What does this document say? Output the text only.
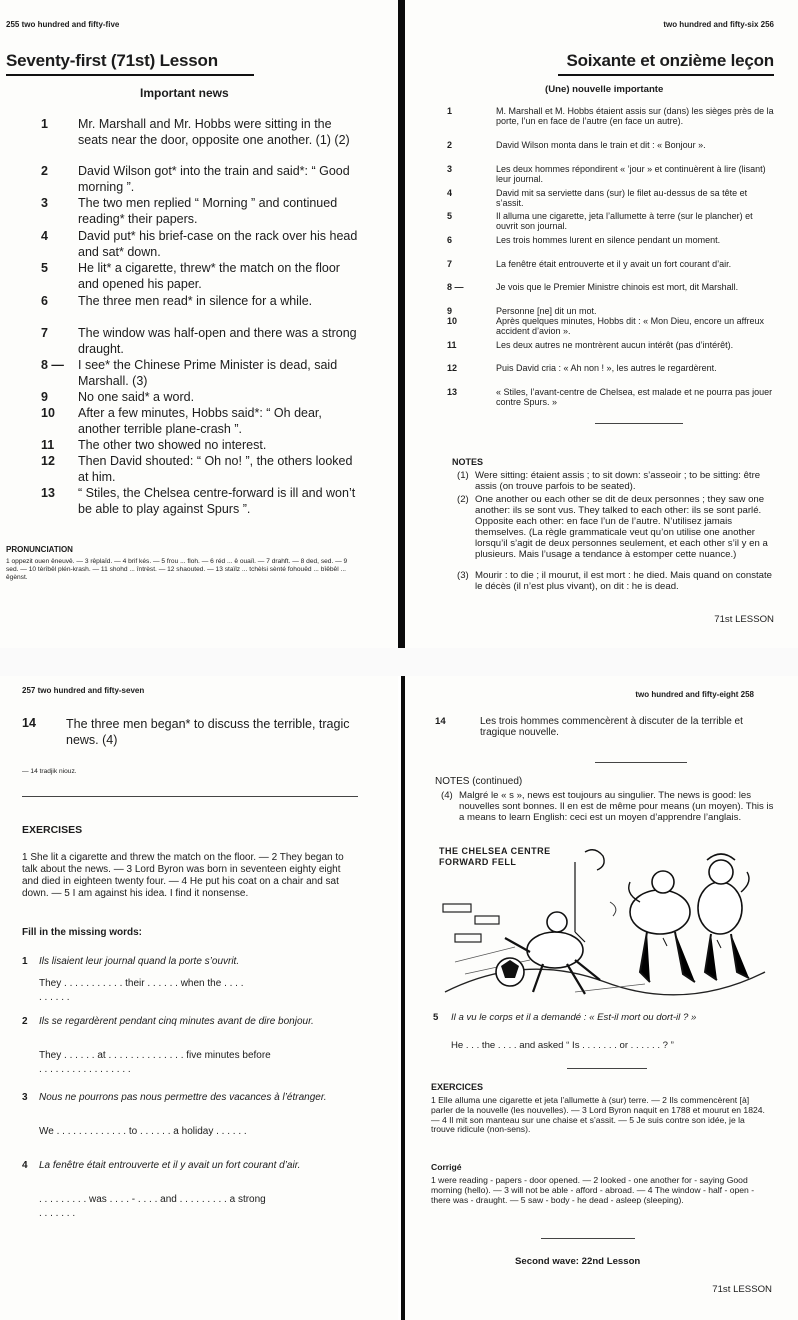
255 two hundred and fifty-five
Seventy-first (71st) Lesson
Important news
1 Mr. Marshall and Mr. Hobbs were sitting in the seats near the door, opposite one another. (1) (2)
2 David Wilson got* into the train and said*: “ Good morning ”.
3 The two men replied “ Morning ” and continued reading* their papers.
4 David put* his brief-case on the rack over his head and sat* down.
5 He lit* a cigarette, threw* the match on the floor and opened his paper.
6 The three men read* in silence for a while.
7 The window was half-open and there was a strong draught.
8 — I see* the Chinese Prime Minister is dead, said Marshall. (3)
9 No one said* a word.
10 After a few minutes, Hobbs said*: “ Oh dear, another terrible plane-crash ”.
11 The other two showed no interest.
12 Then David shouted: “ Oh no! ”, the others looked at him.
13 “ Stiles, the Chelsea centre-forward is ill and won’t be able to play against Spurs ”.
PRONUNCIATION
1 oppezit ouen êneuvê. — 3 rêplaïd. — 4 brif kés. — 5 frou ... floh. — 6 réd ... ê ouaïl. — 7 drahft. — 8 ded, sed. — 9 sed. — 10 tèrîbêl plén-krash. — 11 shohd ... întrèst. — 12 shaouted. — 13 staïlz ... tchèlsi sènté fohouêd ... bîêbêl ... êgènst.
two hundred and fifty-six 256
Soixante et onzième leçon
(Une) nouvelle importante
1	M. Marshall et M. Hobbs étaient assis sur (dans) les sièges près de la porte, l’un en face de l’autre (en face un autre).
2	David Wilson monta dans le train et dit : « Bonjour ».
3	Les deux hommes répondirent « ’jour » et continuèrent à lire (lisant) leur journal.
4	David mit sa serviette dans (sur) le filet au-dessus de sa tête et s’assit.
5	Il alluma une cigarette, jeta l’allumette à terre (sur le plancher) et ouvrit son journal.
6	Les trois hommes lurent en silence pendant un moment.
7	La fenêtre était entrouverte et il y avait un fort courant d’air.
8 —	Je vois que le Premier Ministre chinois est mort, dit Marshall.
9	Personne [ne] dit un mot.
10	Après quelques minutes, Hobbs dit : « Mon Dieu, encore un affreux accident d’avion ».
11	Les deux autres ne montrèrent aucun intérêt (pas d’intérêt).
12	Puis David cria : « Ah non ! », les autres le regardèrent.
13	« Stiles, l’avant-centre de Chelsea, est malade et ne pourra pas jouer contre Spurs. »
NOTES
(1) Were sitting: étaient assis ; to sit down: s’asseoir ; to be sitting: être assis (on trouve parfois to be seated).
(2) One another ou each other se dit de deux personnes ; they saw one another: ils se sont vus. They talked to each other: ils se sont parlé. Opposite each other: en face l’un de l’autre. N’utilisez jamais themselves. (La règle grammaticale veut qu’on utilise one another lorsqu’il s’agit de deux personnes seulement, et each other s’il y en a plusieurs. Mais l’usage a tendance à estomper cette nuance.)
(3) Mourir : to die ; il mourut, il est mort : he died. Mais quand on constate le décès (il n’est plus vivant), on dit : he is dead.
71st LESSON
257 two hundred and fifty-seven
14 The three men began* to discuss the terrible, tragic news. (4)
— 14 tradjik niouz.
EXERCISES
1 She lit a cigarette and threw the match on the floor. — 2 They began to talk about the news. — 3 Lord Byron was born in seventeen eighty eight and died in eighteen twenty four. — 4 He put his coat on a chair and sat down. — 5 I am against his idea. I find it nonsense.
Fill in the missing words:
1 Ils lisaient leur journal quand la porte s’ouvrit.
They . . . . . . . . . . . their . . . . . . when the . . . .
. . . . . .
2 Ils se regardèrent pendant cinq minutes avant de dire bonjour.
They . . . . . . at . . . . . . . . . . . . . . five minutes before
. . . . . . . . . . . . . . . . .
3 Nous ne pourrons pas nous permettre des vacances à l’étranger.
We . . . . . . . . . . . . . to . . . . . . a holiday . . . . . .
4 La fenêtre était entrouverte et il y avait un fort courant d’air.
. . . . . . . . . was . . . . - . . . . and . . . . . . . . . a strong
. . . . . . .
two hundred and fifty-eight 258
14	Les trois hommes commencèrent à discuter de la terrible et tragique nouvelle.
NOTES (continued)
(4) Malgré le « s », news est toujours au singulier. The news is good: les nouvelles sont bonnes. Il en est de même pour means (un moyen). This is a means to learn English: ceci est un moyen d’apprendre l’anglais.
THE CHELSEA CENTRE FORWARD FELL
5 Il a vu le corps et il a demandé : « Est-il mort ou dort-il ? »
He . . . the . . . . and asked “ Is . . . . . . . or . . . . . . ? ”
EXERCICES
1 Elle alluma une cigarette et jeta l’allumette à (sur) terre. — 2 Ils commencèrent [à] parler de la nouvelle (les nouvelles). — 3 Lord Byron naquit en 1788 et mourut en 1824. — 4 Il mit son manteau sur une chaise et s’assit. — 5 Je suis contre son idée, je la trouve ridicule (non-sens).
Corrigé
1 were reading - papers - door opened. — 2 looked - one another for - saying Good morning (hello). — 3 will not be able - afford - abroad. — 4 The window - half - open - there was - draught. — 5 saw - body - he dead - asleep (sleeping).
Second wave: 22nd Lesson
71st LESSON
